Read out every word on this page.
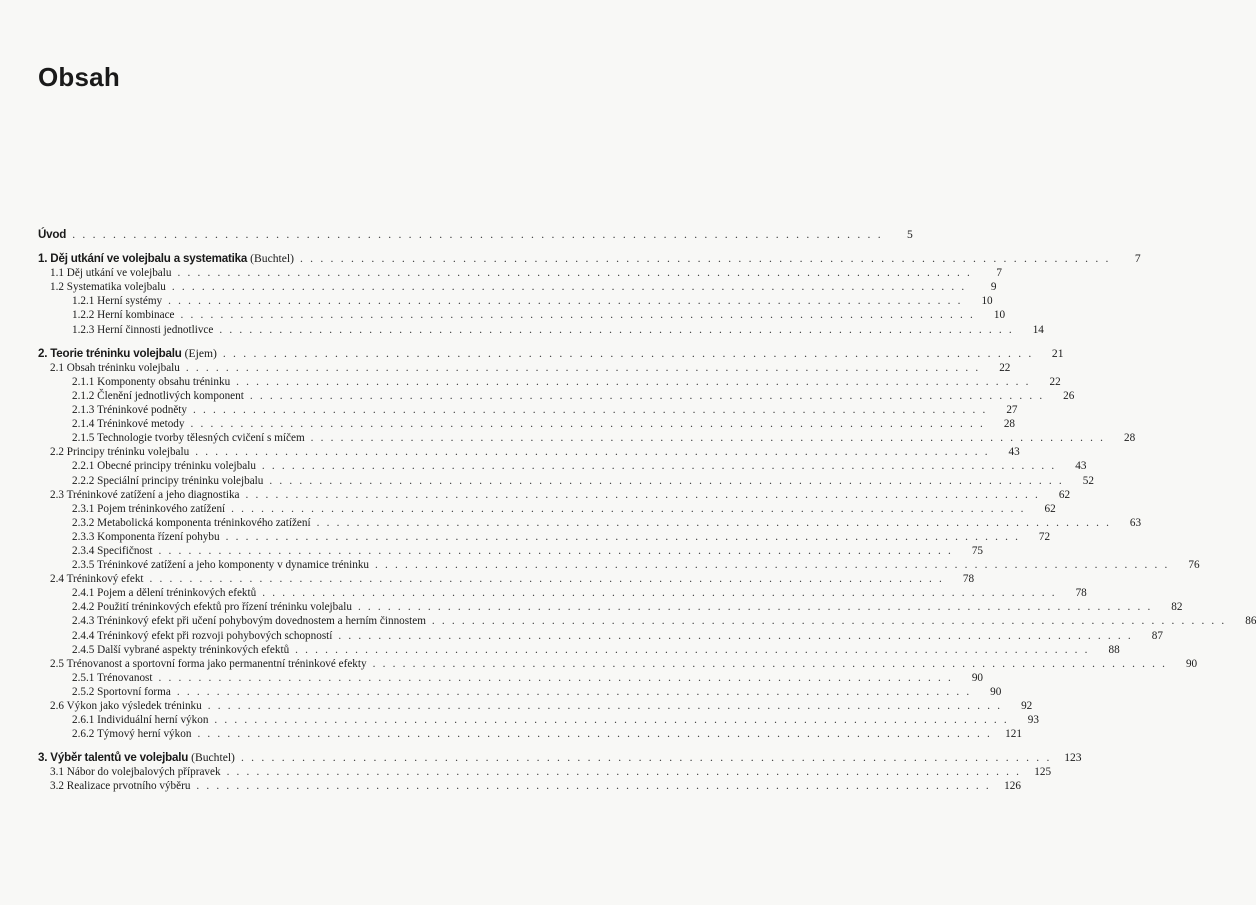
Obsah
Úvod . . . . . . . . . . . . . . . . . . . . . . . . . . . . . . . . . . . . . . . . . . . . . . . . . . . . . . . . . . . . . . . . . . . . . . . . . . . . . . . .	5
1. Děj utkání ve volejbalu a systematika (Buchtel) . . . . . . . . . . . . . . . . . . . . . . . . . . . . . . . . . . . . . . . . . . . . . . . . . . . . . . . . . . . . . . . . . . . . . . . . . . . . . . . .	7
1.1 Děj utkání ve volejbalu . . . . . . . . . . . . . . . . . . . . . . . . . . . . . . . . . . . . . . . . . . . . . . . . . . . . . . . . . . . . . . . . . . . . . . . . . . . . . . . .	7
1.2 Systematika volejbalu . . . . . . . . . . . . . . . . . . . . . . . . . . . . . . . . . . . . . . . . . . . . . . . . . . . . . . . . . . . . . . . . . . . . . . . . . . . . . . . .	9
1.2.1 Herní systémy . . . . . . . . . . . . . . . . . . . . . . . . . . . . . . . . . . . . . . . . . . . . . . . . . . . . . . . . . . . . . . . . . . . . . . . . . . . . . . . .	10
1.2.2 Herní kombinace . . . . . . . . . . . . . . . . . . . . . . . . . . . . . . . . . . . . . . . . . . . . . . . . . . . . . . . . . . . . . . . . . . . . . . . . . . . . . . . .	10
1.2.3 Herní činnosti jednotlivce . . . . . . . . . . . . . . . . . . . . . . . . . . . . . . . . . . . . . . . . . . . . . . . . . . . . . . . . . . . . . . . . . . . . . . . . . . . . . . . .	14
2. Teorie tréninku volejbalu (Ejem) . . . . . . . . . . . . . . . . . . . . . . . . . . . . . . . . . . . . . . . . . . . . . . . . . . . . . . . . . . . . . . . . . . . . . . . . . . . . . . . .	21
2.1 Obsah tréninku volejbalu . . . . . . . . . . . . . . . . . . . . . . . . . . . . . . . . . . . . . . . . . . . . . . . . . . . . . . . . . . . . . . . . . . . . . . . . . . . . . . . .	22
2.1.1 Komponenty obsahu tréninku . . . . . . . . . . . . . . . . . . . . . . . . . . . . . . . . . . . . . . . . . . . . . . . . . . . . . . . . . . . . . . . . . . . . . . . . . . . . . . . .	22
2.1.2 Členění jednotlivých komponent . . . . . . . . . . . . . . . . . . . . . . . . . . . . . . . . . . . . . . . . . . . . . . . . . . . . . . . . . . . . . . . . . . . . . . . . . . . . . . . .	26
2.1.3 Tréninkové podněty . . . . . . . . . . . . . . . . . . . . . . . . . . . . . . . . . . . . . . . . . . . . . . . . . . . . . . . . . . . . . . . . . . . . . . . . . . . . . . . .	27
2.1.4 Tréninkové metody . . . . . . . . . . . . . . . . . . . . . . . . . . . . . . . . . . . . . . . . . . . . . . . . . . . . . . . . . . . . . . . . . . . . . . . . . . . . . . . .	28
2.1.5 Technologie tvorby tělesných cvičení s míčem . . . . . . . . . . . . . . . . . . . . . . . . . . . . . . . . . . . . . . . . . . . . . . . . . . . . . . . . . . . . . . . . . . . . . . . . . . . . . . . .	28
2.2 Principy tréninku volejbalu . . . . . . . . . . . . . . . . . . . . . . . . . . . . . . . . . . . . . . . . . . . . . . . . . . . . . . . . . . . . . . . . . . . . . . . . . . . . . . . .	43
2.2.1 Obecné principy tréninku volejbalu . . . . . . . . . . . . . . . . . . . . . . . . . . . . . . . . . . . . . . . . . . . . . . . . . . . . . . . . . . . . . . . . . . . . . . . . . . . . . . . .	43
2.2.2 Speciální principy tréninku volejbalu . . . . . . . . . . . . . . . . . . . . . . . . . . . . . . . . . . . . . . . . . . . . . . . . . . . . . . . . . . . . . . . . . . . . . . . . . . . . . . . .	52
2.3 Tréninkové zatížení a jeho diagnostika . . . . . . . . . . . . . . . . . . . . . . . . . . . . . . . . . . . . . . . . . . . . . . . . . . . . . . . . . . . . . . . . . . . . . . . . . . . . . . . .	62
2.3.1 Pojem tréninkového zatížení . . . . . . . . . . . . . . . . . . . . . . . . . . . . . . . . . . . . . . . . . . . . . . . . . . . . . . . . . . . . . . . . . . . . . . . . . . . . . . . .	62
2.3.2 Metabolická komponenta tréninkového zatížení . . . . . . . . . . . . . . . . . . . . . . . . . . . . . . . . . . . . . . . . . . . . . . . . . . . . . . . . . . . . . . . . . . . . . . . . . . . . . . . .	63
2.3.3 Komponenta řízení pohybu . . . . . . . . . . . . . . . . . . . . . . . . . . . . . . . . . . . . . . . . . . . . . . . . . . . . . . . . . . . . . . . . . . . . . . . . . . . . . . . .	72
2.3.4 Specifičnost . . . . . . . . . . . . . . . . . . . . . . . . . . . . . . . . . . . . . . . . . . . . . . . . . . . . . . . . . . . . . . . . . . . . . . . . . . . . . . . .	75
2.3.5 Tréninkové zatížení a jeho komponenty v dynamice tréninku . . . . . . . . . . . . . . . . . . . . . . . . . . . . . . . . . . . . . . . . . . . . . . . . . . . . . . . . . . . . . . . . . . . . . . . . . . . . . . . .	76
2.4 Tréninkový efekt . . . . . . . . . . . . . . . . . . . . . . . . . . . . . . . . . . . . . . . . . . . . . . . . . . . . . . . . . . . . . . . . . . . . . . . . . . . . . . . .	78
2.4.1 Pojem a dělení tréninkových efektů . . . . . . . . . . . . . . . . . . . . . . . . . . . . . . . . . . . . . . . . . . . . . . . . . . . . . . . . . . . . . . . . . . . . . . . . . . . . . . . .	78
2.4.2 Použití tréninkových efektů pro řízení tréninku volejbalu . . . . . . . . . . . . . . . . . . . . . . . . . . . . . . . . . . . . . . . . . . . . . . . . . . . . . . . . . . . . . . . . . . . . . . . . . . . . . . . .	82
2.4.3 Tréninkový efekt při učení pohybovým dovednostem a herním činnostem . . . . . . . . . . . . . . . . . . . . . . . . . . . . . . . . . . . . . . . . . . . . . . . . . . . . . . . . . . . . . . . . . . . . . . . . . . . . . . . .	86
2.4.4 Tréninkový efekt při rozvoji pohybových schopností . . . . . . . . . . . . . . . . . . . . . . . . . . . . . . . . . . . . . . . . . . . . . . . . . . . . . . . . . . . . . . . . . . . . . . . . . . . . . . . .	87
2.4.5 Další vybrané aspekty tréninkových efektů . . . . . . . . . . . . . . . . . . . . . . . . . . . . . . . . . . . . . . . . . . . . . . . . . . . . . . . . . . . . . . . . . . . . . . . . . . . . . . . .	88
2.5 Trénovanost a sportovní forma jako permanentní tréninkové efekty . . . . . . . . . . . . . . . . . . . . . . . . . . . . . . . . . . . . . . . . . . . . . . . . . . . . . . . . . . . . . . . . . . . . . . . . . . . . . . . .	90
2.5.1 Trénovanost . . . . . . . . . . . . . . . . . . . . . . . . . . . . . . . . . . . . . . . . . . . . . . . . . . . . . . . . . . . . . . . . . . . . . . . . . . . . . . . .	90
2.5.2 Sportovní forma . . . . . . . . . . . . . . . . . . . . . . . . . . . . . . . . . . . . . . . . . . . . . . . . . . . . . . . . . . . . . . . . . . . . . . . . . . . . . . . .	90
2.6 Výkon jako výsledek tréninku . . . . . . . . . . . . . . . . . . . . . . . . . . . . . . . . . . . . . . . . . . . . . . . . . . . . . . . . . . . . . . . . . . . . . . . . . . . . . . . .	92
2.6.1 Individuální herní výkon . . . . . . . . . . . . . . . . . . . . . . . . . . . . . . . . . . . . . . . . . . . . . . . . . . . . . . . . . . . . . . . . . . . . . . . . . . . . . . . .	93
2.6.2 Týmový herní výkon . . . . . . . . . . . . . . . . . . . . . . . . . . . . . . . . . . . . . . . . . . . . . . . . . . . . . . . . . . . . . . . . . . . . . . . . . . . . . . . .	121
3. Výběr talentů ve volejbalu (Buchtel) . . . . . . . . . . . . . . . . . . . . . . . . . . . . . . . . . . . . . . . . . . . . . . . . . . . . . . . . . . . . . . . . . . . . . . . . . . . . . . . .	123
3.1 Nábor do volejbalových přípravek . . . . . . . . . . . . . . . . . . . . . . . . . . . . . . . . . . . . . . . . . . . . . . . . . . . . . . . . . . . . . . . . . . . . . . . . . . . . . . . .	125
3.2 Realizace prvotního výběru . . . . . . . . . . . . . . . . . . . . . . . . . . . . . . . . . . . . . . . . . . . . . . . . . . . . . . . . . . . . . . . . . . . . . . . . . . . . . . . .	126
